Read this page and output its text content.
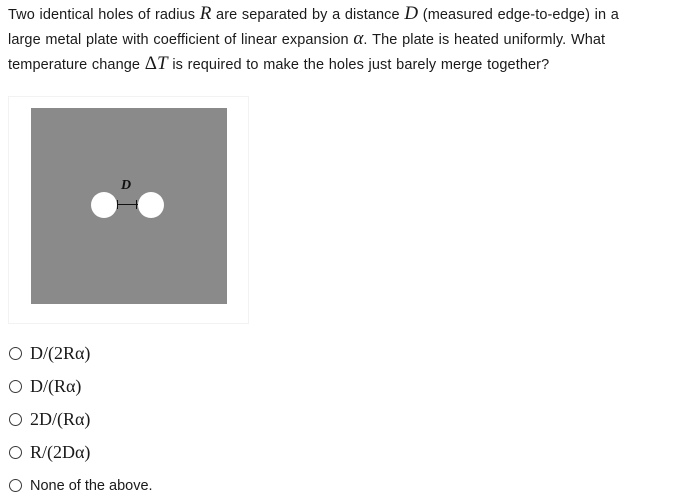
Two identical holes of radius R are separated by a distance D (measured edge-to-edge) in a
large metal plate with coefficient of linear expansion α. The plate is heated uniformly. What
temperature change ΔT is required to make the holes just barely merge together?
D
D/(2Rα)
D/(Rα)
2D/(Rα)
R/(2Dα)
None of the above.
